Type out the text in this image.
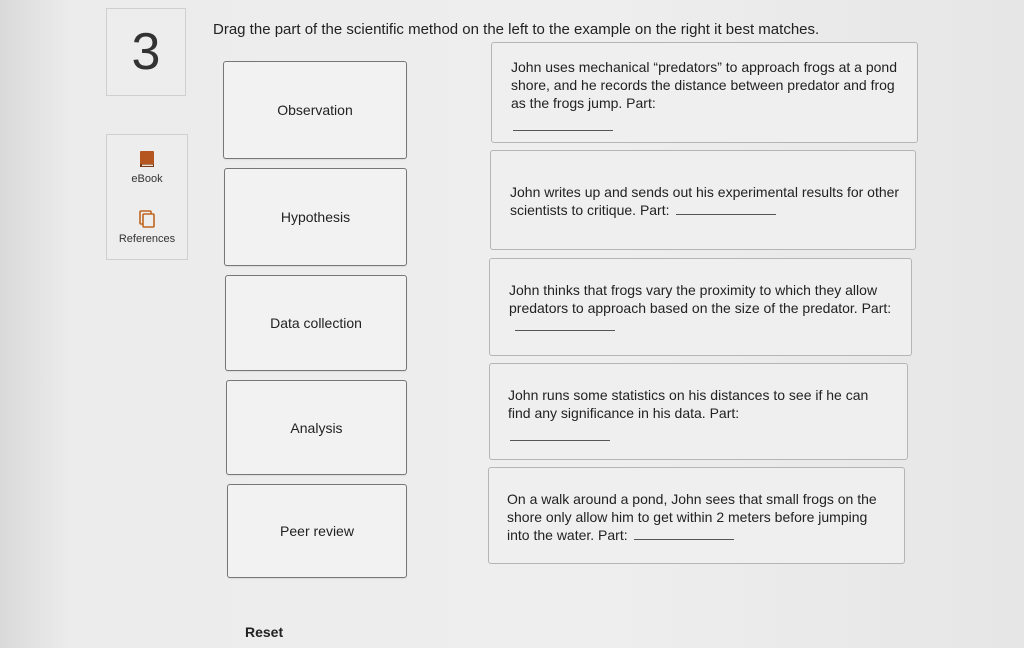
3
eBook
References
Drag the part of the scientific method on the left to the example on the right it best matches.
Observation
Hypothesis
Data collection
Analysis
Peer review
John uses mechanical “predators” to approach frogs at a pond shore, and he records the distance between predator and frog as the frogs jump. Part:
John writes up and sends out his experimental results for other scientists to critique. Part:
John thinks that frogs vary the proximity to which they allow predators to approach based on the size of the predator. Part:
John runs some statistics on his distances to see if he can find any significance in his data. Part:
On a walk around a pond, John sees that small frogs on the shore only allow him to get within 2 meters before jumping into the water. Part:
Reset
